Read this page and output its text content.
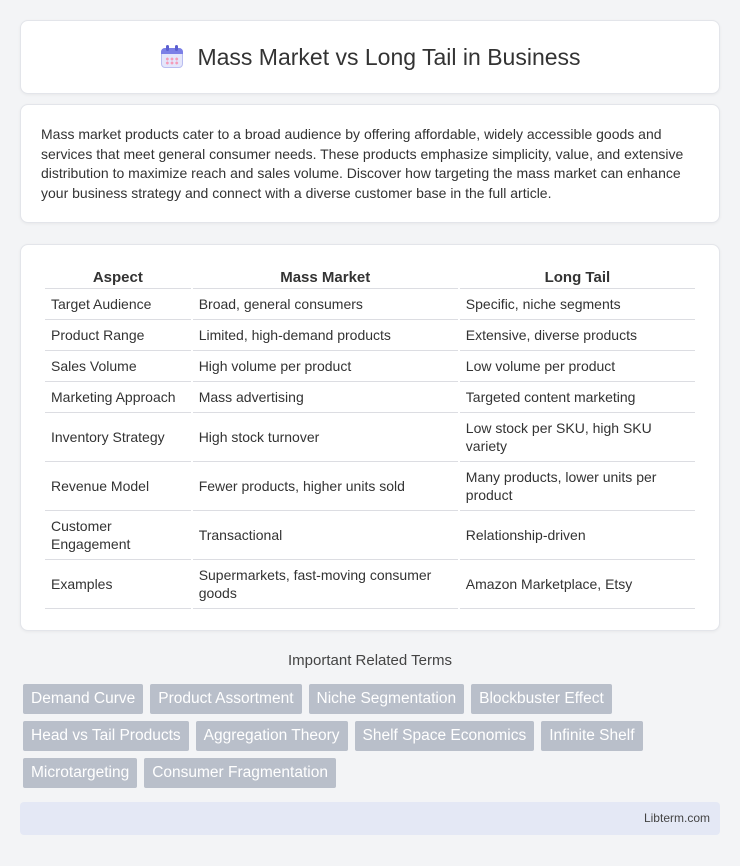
Mass Market vs Long Tail in Business

Mass market products cater to a broad audience by offering affordable, widely accessible goods and services that meet general consumer needs. These products emphasize simplicity, value, and extensive distribution to maximize reach and sales volume. Discover how targeting the mass market can enhance your business strategy and connect with a diverse customer base in the full article.

Aspect	Mass Market	Long Tail
Target Audience	Broad, general consumers	Specific, niche segments
Product Range	Limited, high-demand products	Extensive, diverse products
Sales Volume	High volume per product	Low volume per product
Marketing Approach	Mass advertising	Targeted content marketing
Inventory Strategy	High stock turnover	Low stock per SKU, high SKU variety
Revenue Model	Fewer products, higher units sold	Many products, lower units per product
Customer Engagement	Transactional	Relationship-driven
Examples	Supermarkets, fast-moving consumer goods	Amazon Marketplace, Etsy
Important Related Terms
Demand Curve	Product Assortment	Niche Segmentation	Blockbuster Effect
Head vs Tail Products	Aggregation Theory	Shelf Space Economics	Infinite Shelf
Microtargeting	Consumer Fragmentation
Libterm.com
